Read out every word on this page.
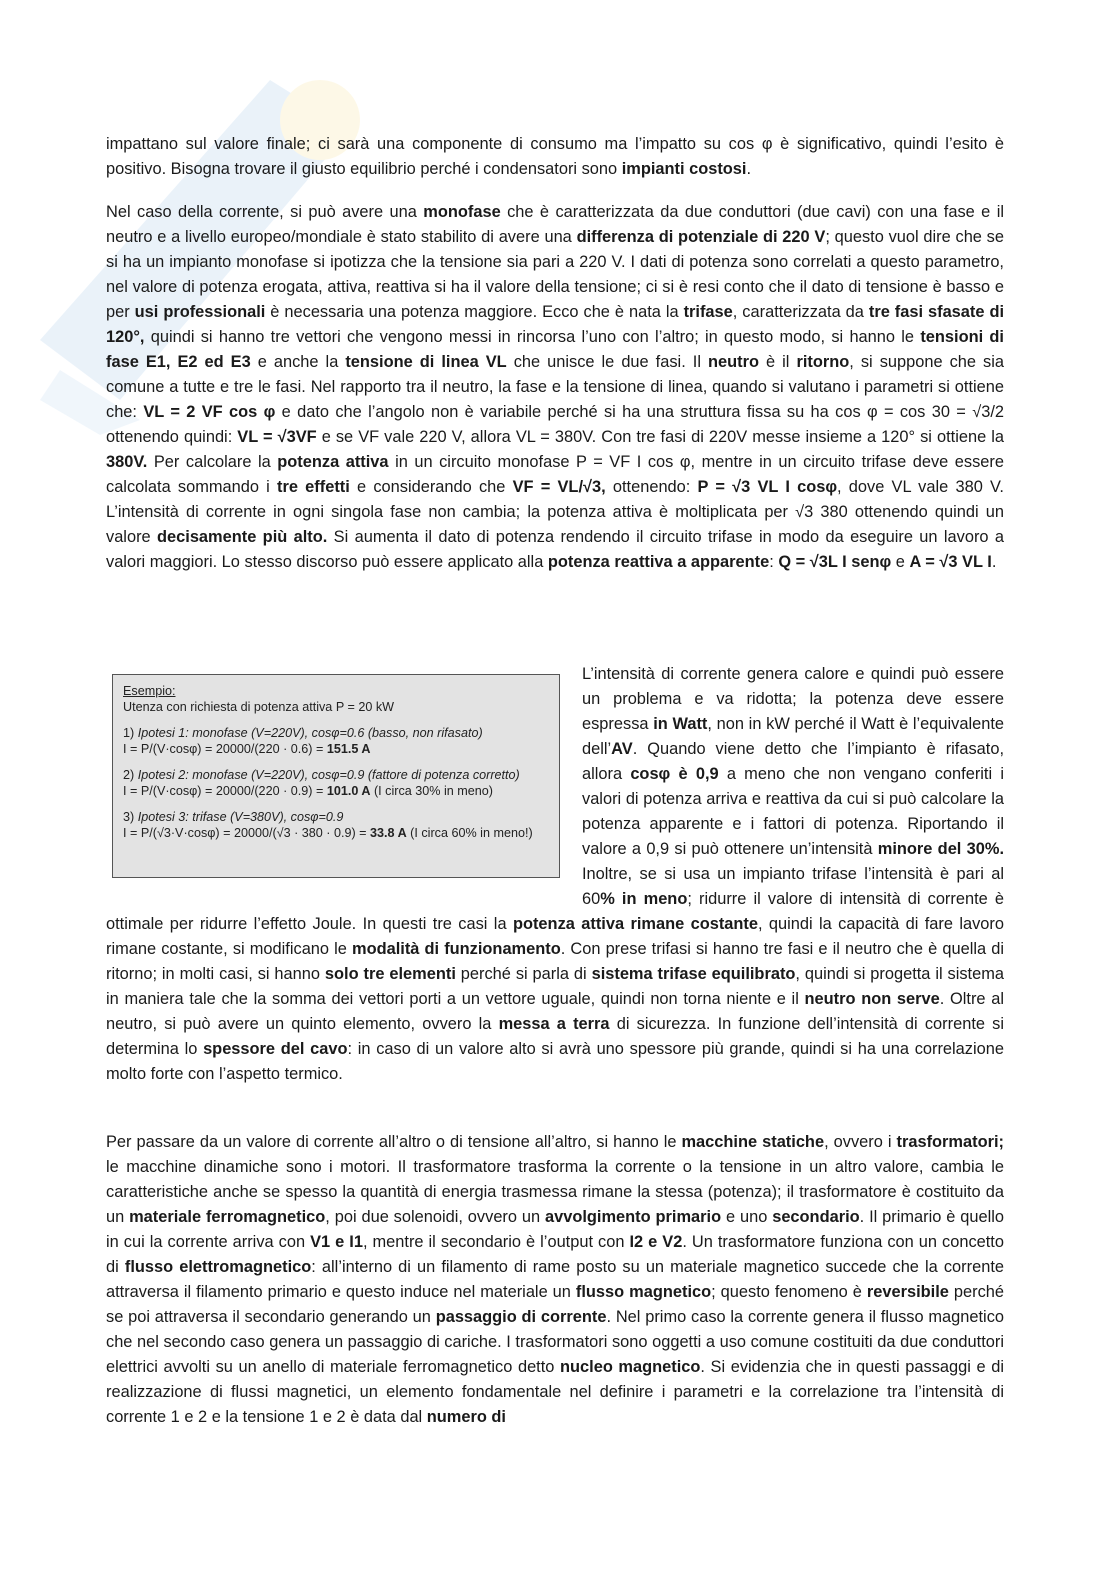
impattano sul valore finale; ci sarà una componente di consumo ma l’impatto su cos φ è significativo, quindi l’esito è positivo. Bisogna trovare il giusto equilibrio perché i condensatori sono impianti costosi.
Nel caso della corrente, si può avere una monofase che è caratterizzata da due conduttori (due cavi) con una fase e il neutro e a livello europeo/mondiale è stato stabilito di avere una differenza di potenziale di 220 V; questo vuol dire che se si ha un impianto monofase si ipotizza che la tensione sia pari a 220 V. I dati di potenza sono correlati a questo parametro, nel valore di potenza erogata, attiva, reattiva si ha il valore della tensione; ci si è resi conto che il dato di tensione è basso e per usi professionali è necessaria una potenza maggiore. Ecco che è nata la trifase, caratterizzata da tre fasi sfasate di 120°, quindi si hanno tre vettori che vengono messi in rincorsa l’uno con l’altro; in questo modo, si hanno le tensioni di fase E1, E2 ed E3 e anche la tensione di linea VL che unisce le due fasi. Il neutro è il ritorno, si suppone che sia comune a tutte e tre le fasi. Nel rapporto tra il neutro, la fase e la tensione di linea, quando si valutano i parametri si ottiene che: VL = 2 VF cos φ e dato che l’angolo non è variabile perché si ha una struttura fissa su ha cos φ = cos 30 = √3/2 ottenendo quindi: VL = √3VF e se VF vale 220 V, allora VL = 380V. Con tre fasi di 220V messe insieme a 120° si ottiene la 380V. Per calcolare la potenza attiva in un circuito monofase P = VF I cos φ, mentre in un circuito trifase deve essere calcolata sommando i tre effetti e considerando che VF = VL/√3, ottenendo: P = √3 VL I cosφ, dove VL vale 380 V. L’intensità di corrente in ogni singola fase non cambia; la potenza attiva è moltiplicata per √3 380 ottenendo quindi un valore decisamente più alto. Si aumenta il dato di potenza rendendo il circuito trifase in modo da eseguire un lavoro a valori maggiori. Lo stesso discorso può essere applicato alla potenza reattiva a apparente: Q = √3L I senφ e A = √3 VL I.
Esempio:
Utenza con richiesta di potenza attiva P = 20 kW
1) Ipotesi 1: monofase (V=220V), cosφ=0.6 (basso, non rifasato)
I = P/(V·cosφ) = 20000/(220 · 0.6) = 151.5 A
2) Ipotesi 2: monofase (V=220V), cosφ=0.9 (fattore di potenza corretto)
I = P/(V·cosφ) = 20000/(220 · 0.9) = 101.0 A (I circa 30% in meno)
3) Ipotesi 3: trifase (V=380V), cosφ=0.9
I = P/(√3·V·cosφ) = 20000/(√3 · 380 · 0.9) = 33.8 A (I circa 60% in meno!)
L’intensità di corrente genera calore e quindi può essere un problema e va ridotta; la potenza deve essere espressa in Watt, non in kW perché il Watt è l’equivalente dell’AV. Quando viene detto che l’impianto è rifasato, allora cosφ è 0,9 a meno che non vengano conferiti i valori di potenza arriva e reattiva da cui si può calcolare la potenza apparente e i fattori di potenza. Riportando il valore a 0,9 si può ottenere un’intensità minore del 30%. Inoltre, se si usa un impianto trifase l’intensità è pari al 60% in meno; ridurre il valore di intensità di corrente è ottimale per ridurre l’effetto Joule. In questi tre casi la potenza attiva rimane costante, quindi la capacità di fare lavoro rimane costante, si modificano le modalità di funzionamento. Con prese trifasi si hanno tre fasi e il neutro che è quella di ritorno; in molti casi, si hanno solo tre elementi perché si parla di sistema trifase equilibrato, quindi si progetta il sistema in maniera tale che la somma dei vettori porti a un vettore uguale, quindi non torna niente e il neutro non serve. Oltre al neutro, si può avere un quinto elemento, ovvero la messa a terra di sicurezza. In funzione dell’intensità di corrente si determina lo spessore del cavo: in caso di un valore alto si avrà uno spessore più grande, quindi si ha una correlazione molto forte con l’aspetto termico.
Per passare da un valore di corrente all’altro o di tensione all’altro, si hanno le macchine statiche, ovvero i trasformatori; le macchine dinamiche sono i motori. Il trasformatore trasforma la corrente o la tensione in un altro valore, cambia le caratteristiche anche se spesso la quantità di energia trasmessa rimane la stessa (potenza); il trasformatore è costituito da un materiale ferromagnetico, poi due solenoidi, ovvero un avvolgimento primario e uno secondario. Il primario è quello in cui la corrente arriva con V1 e I1, mentre il secondario è l’output con I2 e V2. Un trasformatore funziona con un concetto di flusso elettromagnetico: all’interno di un filamento di rame posto su un materiale magnetico succede che la corrente attraversa il filamento primario e questo induce nel materiale un flusso magnetico; questo fenomeno è reversibile perché se poi attraversa il secondario generando un passaggio di corrente. Nel primo caso la corrente genera il flusso magnetico che nel secondo caso genera un passaggio di cariche. I trasformatori sono oggetti a uso comune costituiti da due conduttori elettrici avvolti su un anello di materiale ferromagnetico detto nucleo magnetico. Si evidenzia che in questi passaggi e di realizzazione di flussi magnetici, un elemento fondamentale nel definire i parametri e la correlazione tra l’intensità di corrente 1 e 2 e la tensione 1 e 2 è data dal numero di
